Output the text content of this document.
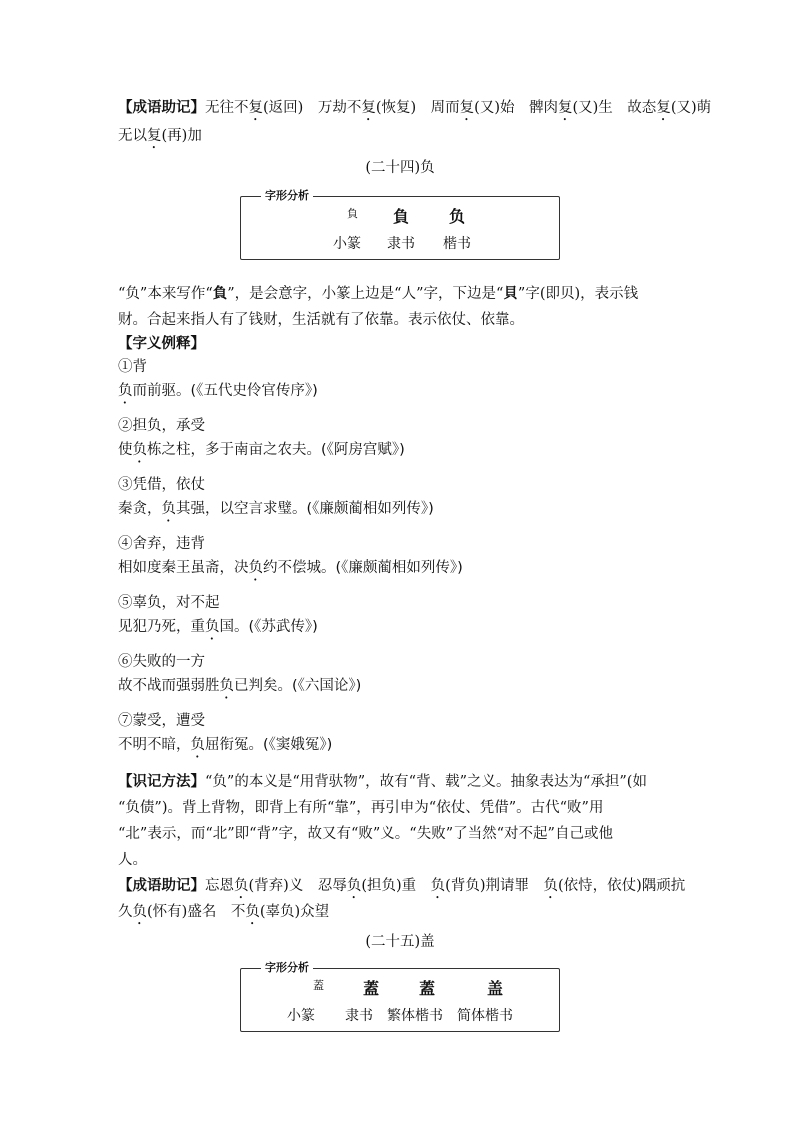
【成语助记】无往不复(返回)　万劫不复(恢复)　周而复(又)始　髀肉复(又)生　故态复(又)萌
无以复(再)加
(二十四)负
字形分析
負 負 负
小篆 隶书 楷书
“负”本来写作“負”，是会意字，小篆上边是“人”字，下边是“貝”字(即贝)，表示钱
财。合起来指人有了钱财，生活就有了依靠。表示依仗、依靠。
【字义例释】
①背
负而前驱。(《五代史伶官传序》)
②担负，承受
使负栋之柱，多于南亩之农夫。(《阿房宫赋》)
③凭借，依仗
秦贪，负其强，以空言求璧。(《廉颇蔺相如列传》)
④舍弃，违背
相如度秦王虽斋，决负约不偿城。(《廉颇蔺相如列传》)
⑤辜负，对不起
见犯乃死，重负国。(《苏武传》)
⑥失败的一方
故不战而强弱胜负已判矣。(《六国论》)
⑦蒙受，遭受
不明不暗，负屈衔冤。(《窦娥冤》)
【识记方法】“负”的本义是“用背驮物”，故有“背、载”之义。抽象表达为“承担”(如
“负债”)。背上背物，即背上有所“靠”，再引申为“依仗、凭借”。古代“败”用
“北”表示，而“北”即“背”字，故又有“败”义。“失败”了当然“对不起”自己或他
人。
【成语助记】忘恩负(背弃)义　忍辱负(担负)重　负(背负)荆请罪　负(依恃，依仗)隅顽抗
久负(怀有)盛名　不负(辜负)众望
(二十五)盖
字形分析
蓋 蓋 蓋	盖
小篆 隶书 繁体楷书 简体楷书
